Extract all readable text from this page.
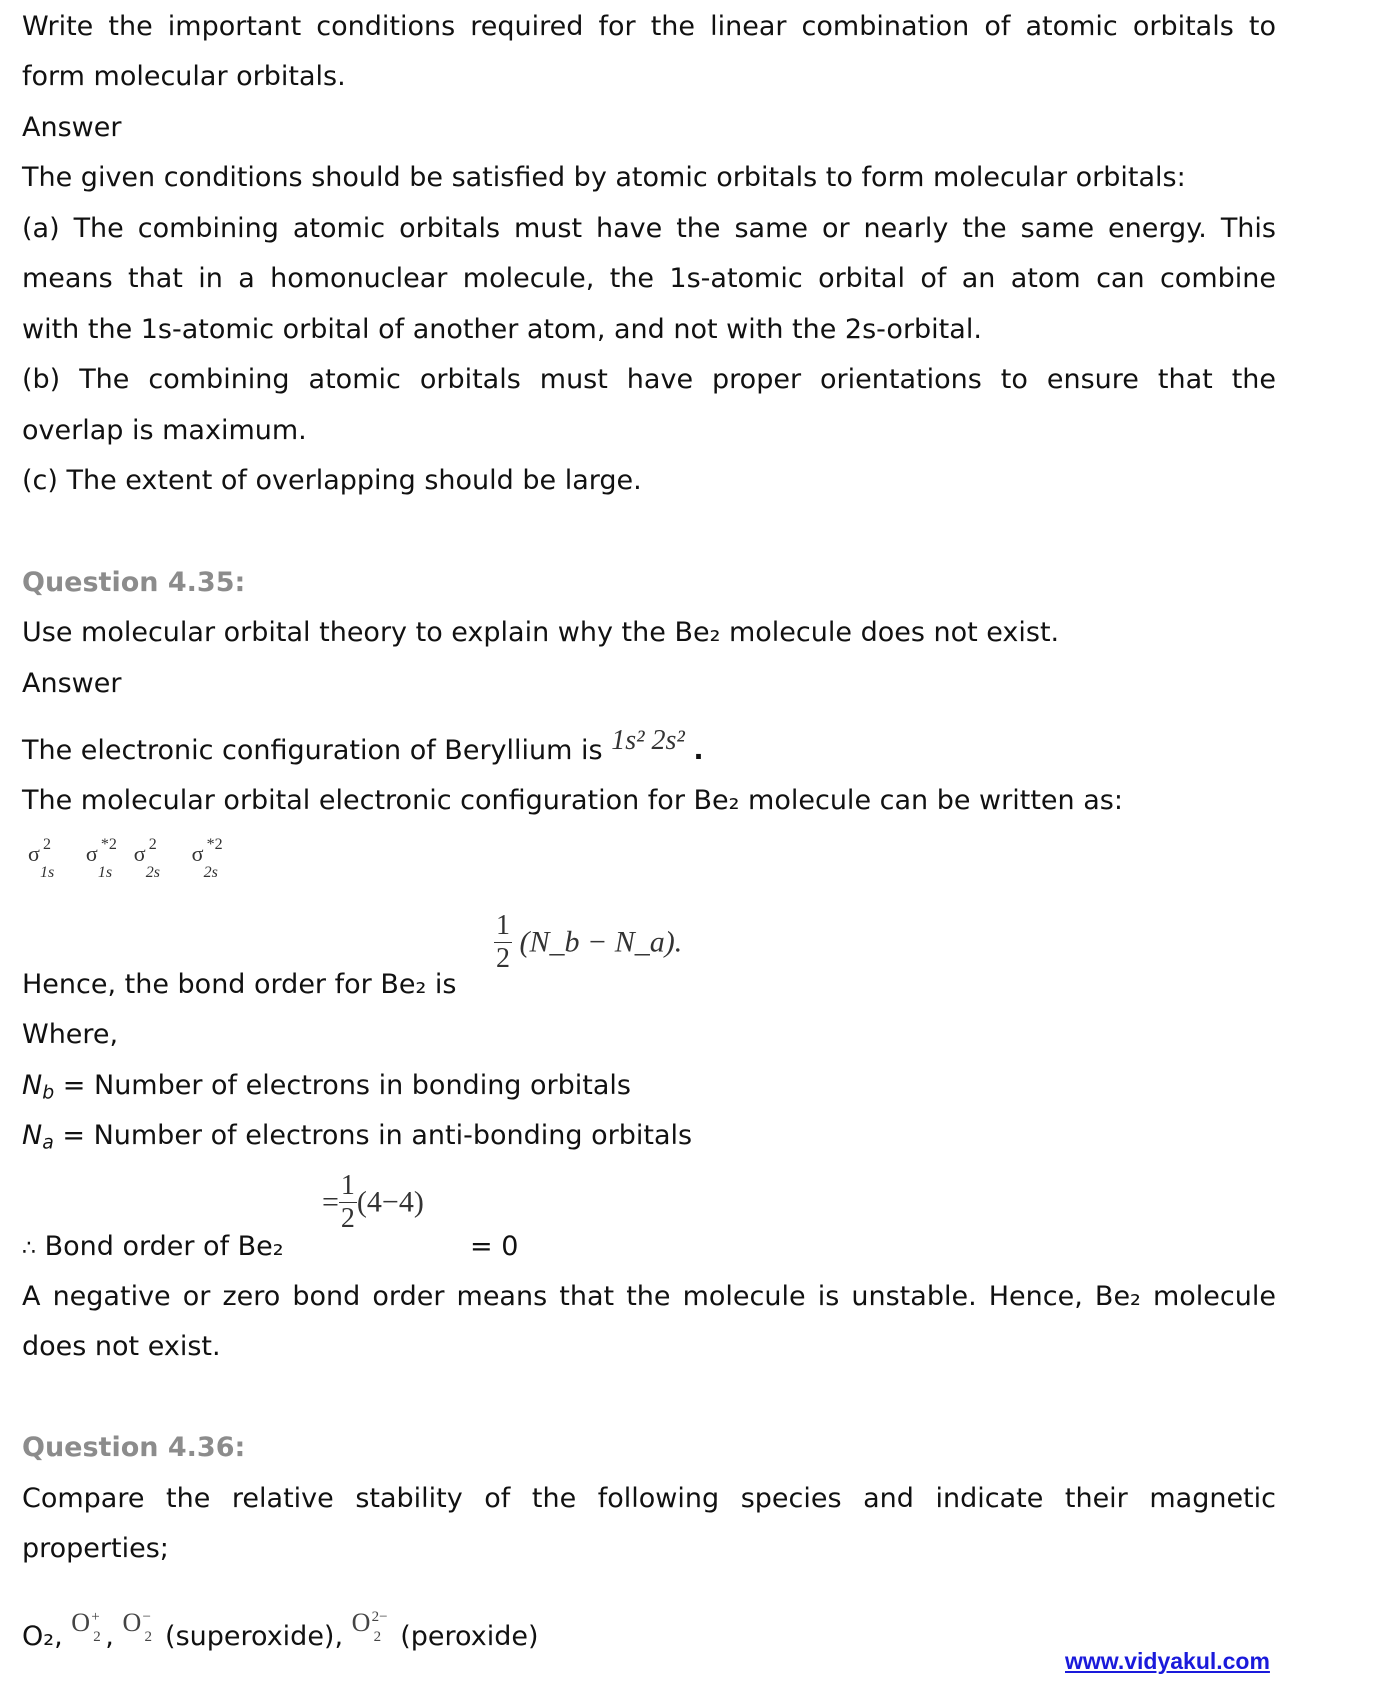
Write the important conditions required for the linear combination of atomic orbitals to
form molecular orbitals.
Answer
The given conditions should be satisfied by atomic orbitals to form molecular orbitals:
(a) The combining atomic orbitals must have the same or nearly the same energy. This
means that in a homonuclear molecule, the 1s-atomic orbital of an atom can combine
with the 1s-atomic orbital of another atom, and not with the 2s-orbital.
(b) The combining atomic orbitals must have proper orientations to ensure that the
overlap is maximum.
(c) The extent of overlapping should be large.
Question 4.35:
Use molecular orbital theory to explain why the Be₂ molecule does not exist.
Answer
The electronic configuration of Beryllium is 1s² 2s² .
The molecular orbital electronic configuration for Be₂ molecule can be written as:
σ 2
1s
σ *2
1s
σ 2
2s
σ *2
2s
Hence, the bond order for Be₂ is
$\frac{1}{2}$ (N_b − N_a).
Where,
$N_b$ = Number of electrons in bonding orbitals
$N_a$ = Number of electrons in anti-bonding orbitals
∴ Bond order of Be₂
= $\frac{1}{2} (4-4)$
= 0
A negative or zero bond order means that the molecule is unstable. Hence, Be₂ molecule
does not exist.
Question 4.36:
Compare the relative stability of the following species and indicate their magnetic
properties;
O₂, O +
2 , O −
2 (superoxide), O 2−
2 (peroxide)
www.vidyakul.com
